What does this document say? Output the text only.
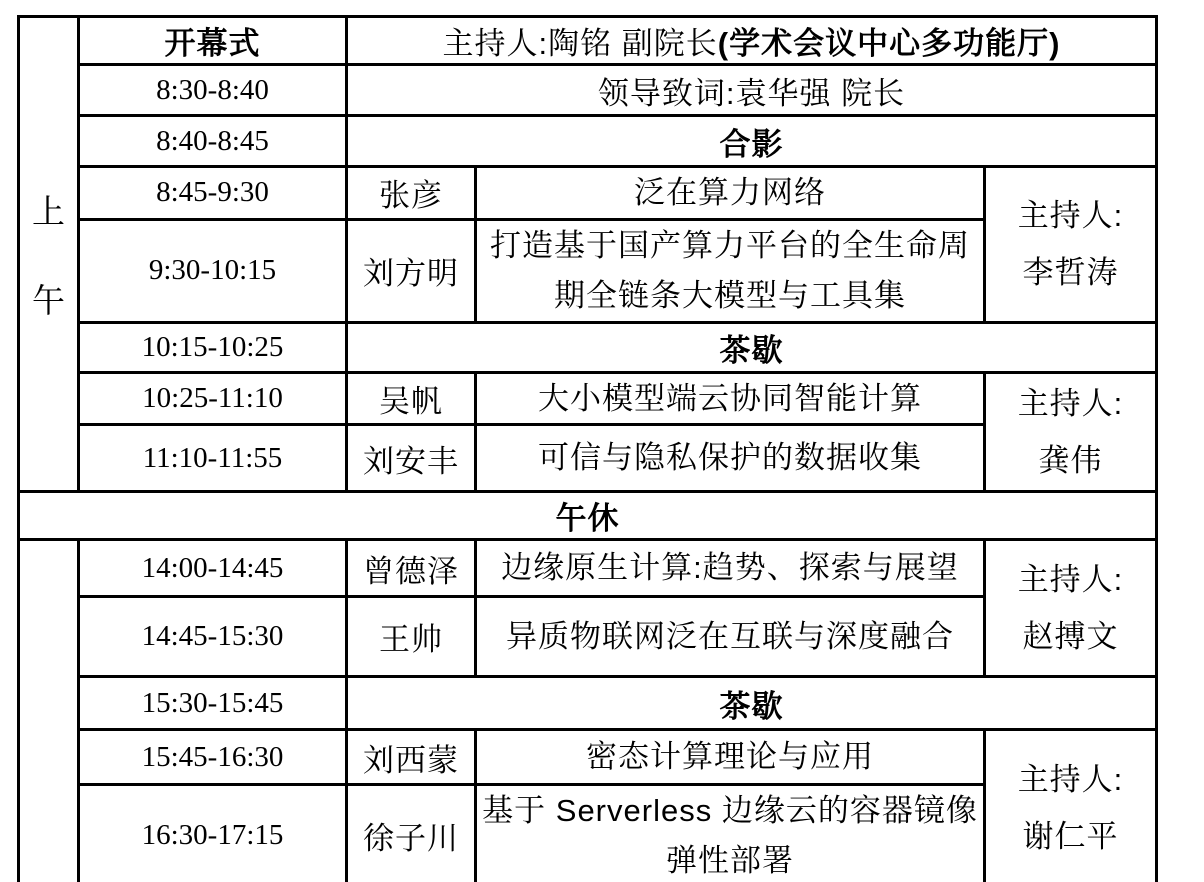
上
午	开幕式	主持人:陶铭 副院长(学术会议中心多功能厅)		
	8:30-8:40	领导致词:袁华强 院长		
	8:40-8:45	合影		
	8:45-9:30	张彦	泛在算力网络	主持人:
李哲涛

	9:30-10:15	刘方明	打造基于国产算力平台的全生命周期全链条大模型与工具集	
	10:15-10:25	茶歇		
	10:25-11:10	吴帆	大小模型端云协同智能计算	主持人:
龚伟

	11:10-11:55	刘安丰	可信与隐私保护的数据收集	
午休				
	14:00-14:45	曾德泽	边缘原生计算:趋势、探索与展望	主持人:
赵搏文

	14:45-15:30	王帅	异质物联网泛在互联与深度融合	
	15:30-15:45	茶歇		
	15:45-16:30	刘西蒙	密态计算理论与应用	主持人:
谢仁平

	16:30-17:15	徐子川	基于 Serverless 边缘云的容器镜像弹性部署	
